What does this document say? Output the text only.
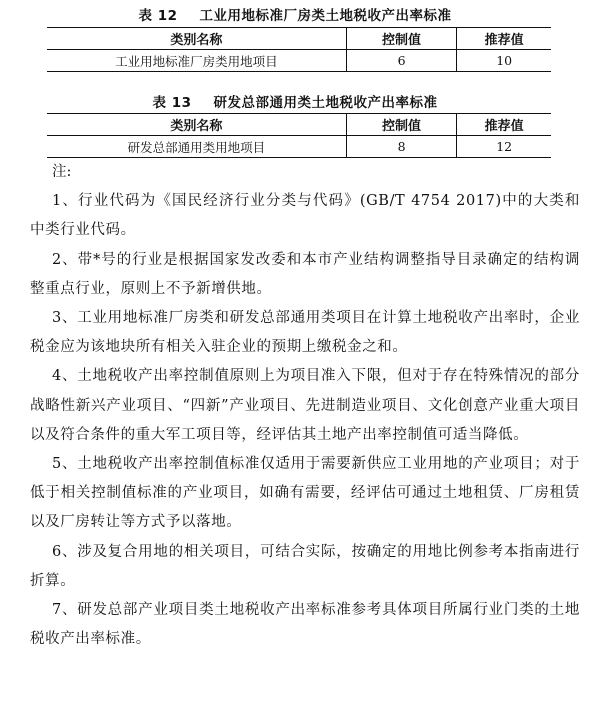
表 12 工业用地标准厂房类土地税收产出率标准
类别名称	控制值	推荐值
工业用地标准厂房类用地项目	6	10
表 13 研发总部通用类土地税收产出率标准
类别名称	控制值	推荐值
研发总部通用类用地项目	8	12
注:

1、行业代码为《国民经济行业分类与代码》(GB/T 4754 2017)中的大类和中类行业代码。

2、带*号的行业是根据国家发改委和本市产业结构调整指导目录确定的结构调整重点行业，原则上不予新增供地。

3、工业用地标准厂房类和研发总部通用类项目在计算土地税收产出率时，企业税金应为该地块所有相关入驻企业的预期上缴税金之和。

4、土地税收产出率控制值原则上为项目准入下限，但对于存在特殊情况的部分战略性新兴产业项目、“四新”产业项目、先进制造业项目、文化创意产业重大项目以及符合条件的重大军工项目等，经评估其土地产出率控制值可适当降低。

5、土地税收产出率控制值标准仅适用于需要新供应工业用地的产业项目；对于低于相关控制值标准的产业项目，如确有需要，经评估可通过土地租赁、厂房租赁以及厂房转让等方式予以落地。

6、涉及复合用地的相关项目，可结合实际，按确定的用地比例参考本指南进行折算。

7、研发总部产业项目类土地税收产出率标准参考具体项目所属行业门类的土地税收产出率标准。
